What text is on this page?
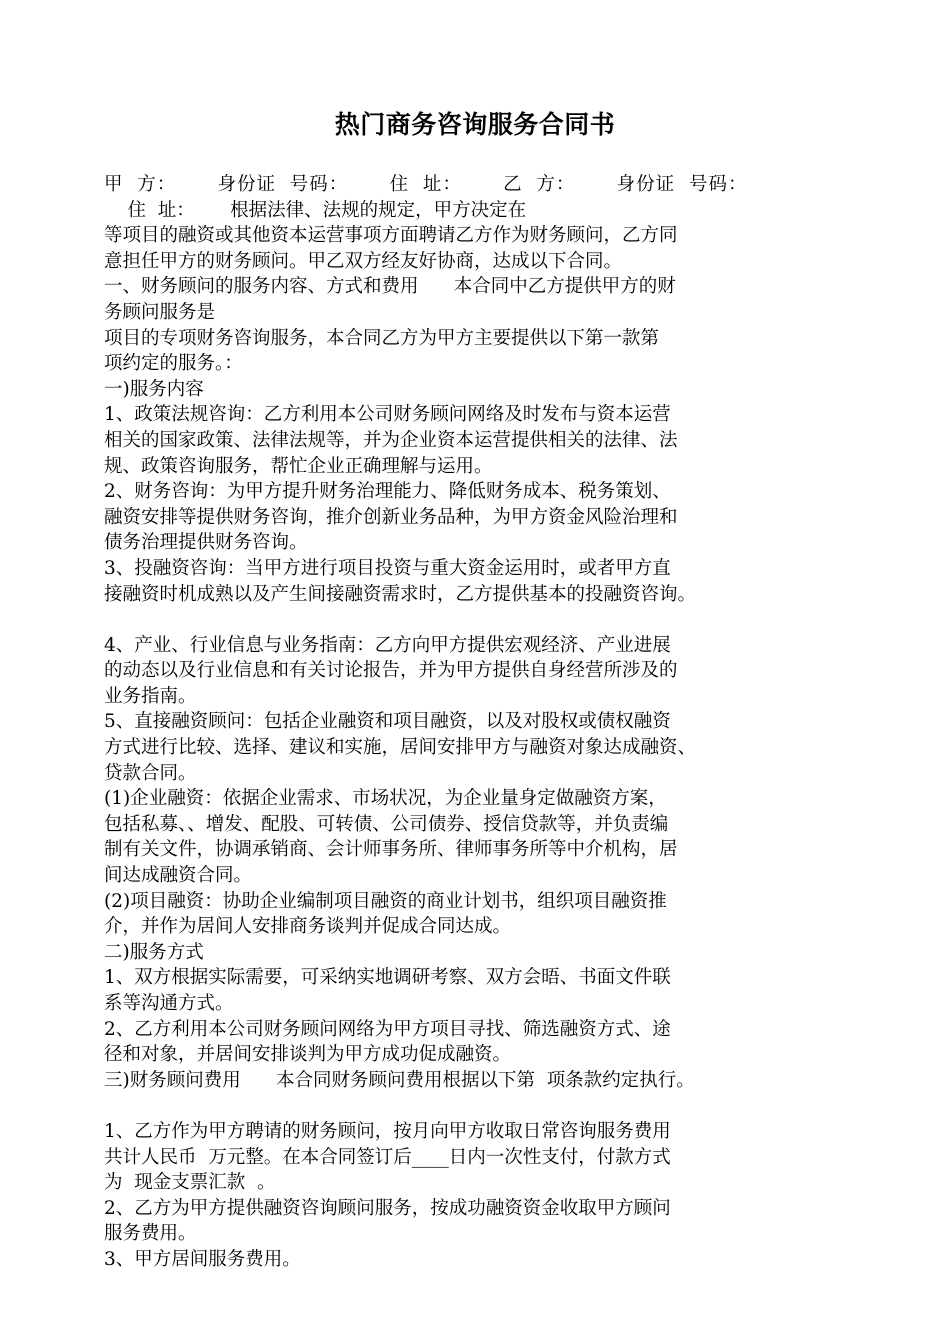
热门商务咨询服务合同书

甲  方：      身份证  号码：      住  址：      乙  方：      身份证  号码：

住  址：      根据法律、法规的规定，甲方决定在

等项目的融资或其他资本运营事项方面聘请乙方作为财务顾问，乙方同

意担任甲方的财务顾问。甲乙双方经友好协商，达成以下合同。

一、财务顾问的服务内容、方式和费用      本合同中乙方提供甲方的财

务顾问服务是

项目的专项财务咨询服务，本合同乙方为甲方主要提供以下第一款第

项约定的服务。：

一)服务内容

1、政策法规咨询：乙方利用本公司财务顾问网络及时发布与资本运营

相关的国家政策、法律法规等，并为企业资本运营提供相关的法律、法

规、政策咨询服务，帮忙企业正确理解与运用。

2、财务咨询：为甲方提升财务治理能力、降低财务成本、税务策划、

融资安排等提供财务咨询，推介创新业务品种，为甲方资金风险治理和

债务治理提供财务咨询。

3、投融资咨询：当甲方进行项目投资与重大资金运用时，或者甲方直

接融资时机成熟以及产生间接融资需求时，乙方提供基本的投融资咨询。

4、产业、行业信息与业务指南：乙方向甲方提供宏观经济、产业进展

的动态以及行业信息和有关讨论报告，并为甲方提供自身经营所涉及的

业务指南。

5、直接融资顾问：包括企业融资和项目融资，以及对股权或债权融资

方式进行比较、选择、建议和实施，居间安排甲方与融资对象达成融资、

贷款合同。

(1)企业融资：依据企业需求、市场状况，为企业量身定做融资方案，

包括私募、、增发、配股、可转债、公司债券、授信贷款等，并负责编

制有关文件，协调承销商、会计师事务所、律师事务所等中介机构，居

间达成融资合同。

(2)项目融资：协助企业编制项目融资的商业计划书，组织项目融资推

介，并作为居间人安排商务谈判并促成合同达成。

二)服务方式

1、双方根据实际需要，可采纳实地调研考察、双方会晤、书面文件联

系等沟通方式。

2、乙方利用本公司财务顾问网络为甲方项目寻找、筛选融资方式、途

径和对象，并居间安排谈判为甲方成功促成融资。

三)财务顾问费用      本合同财务顾问费用根据以下第  项条款约定执行。

1、乙方作为甲方聘请的财务顾问，按月向甲方收取日常咨询服务费用

共计人民币  万元整。在本合同签订后____日内一次性支付，付款方式

为  现金支票汇款  。

2、乙方为甲方提供融资咨询顾问服务，按成功融资资金收取甲方顾问

服务费用。

3、甲方居间服务费用。
